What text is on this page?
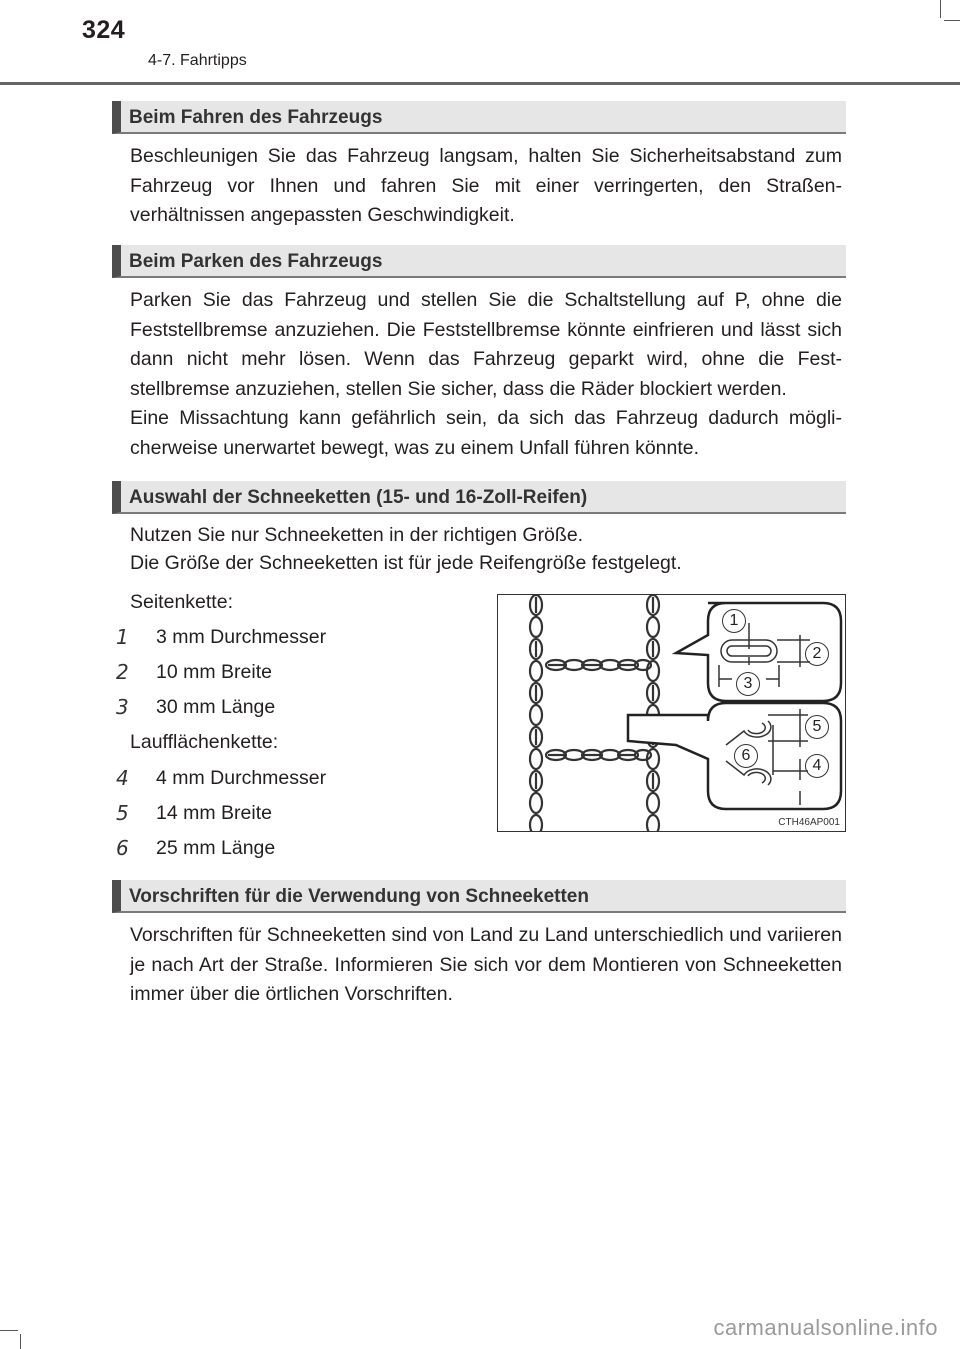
324
4-7. Fahrtipps
Beim Fahren des Fahrzeugs
Beschleunigen Sie das Fahrzeug langsam, halten Sie Sicherheitsabstand zum Fahrzeug vor Ihnen und fahren Sie mit einer verringerten, den Straßen-verhältnissen angepassten Geschwindigkeit.
Beim Parken des Fahrzeugs
Parken Sie das Fahrzeug und stellen Sie die Schaltstellung auf P, ohne die Feststellbremse anzuziehen. Die Feststellbremse könnte einfrieren und lässt sich dann nicht mehr lösen. Wenn das Fahrzeug geparkt wird, ohne die Fest-stellbremse anzuziehen, stellen Sie sicher, dass die Räder blockiert werden.
Eine Missachtung kann gefährlich sein, da sich das Fahrzeug dadurch mögli-cherweise unerwartet bewegt, was zu einem Unfall führen könnte.
Auswahl der Schneeketten (15- und 16-Zoll-Reifen)
Nutzen Sie nur Schneeketten in der richtigen Größe.
Die Größe der Schneeketten ist für jede Reifengröße festgelegt.
Seitenkette:
1 3 mm Durchmesser
2 10 mm Breite
3 30 mm Länge
Laufflächenkette:
4 4 mm Durchmesser
5 14 mm Breite
6 25 mm Länge
1
2
3
5
6
4
CTH46AP001
Vorschriften für die Verwendung von Schneeketten
Vorschriften für Schneeketten sind von Land zu Land unterschiedlich und variieren je nach Art der Straße. Informieren Sie sich vor dem Montieren von Schneeketten immer über die örtlichen Vorschriften.
carmanualsonline.info
